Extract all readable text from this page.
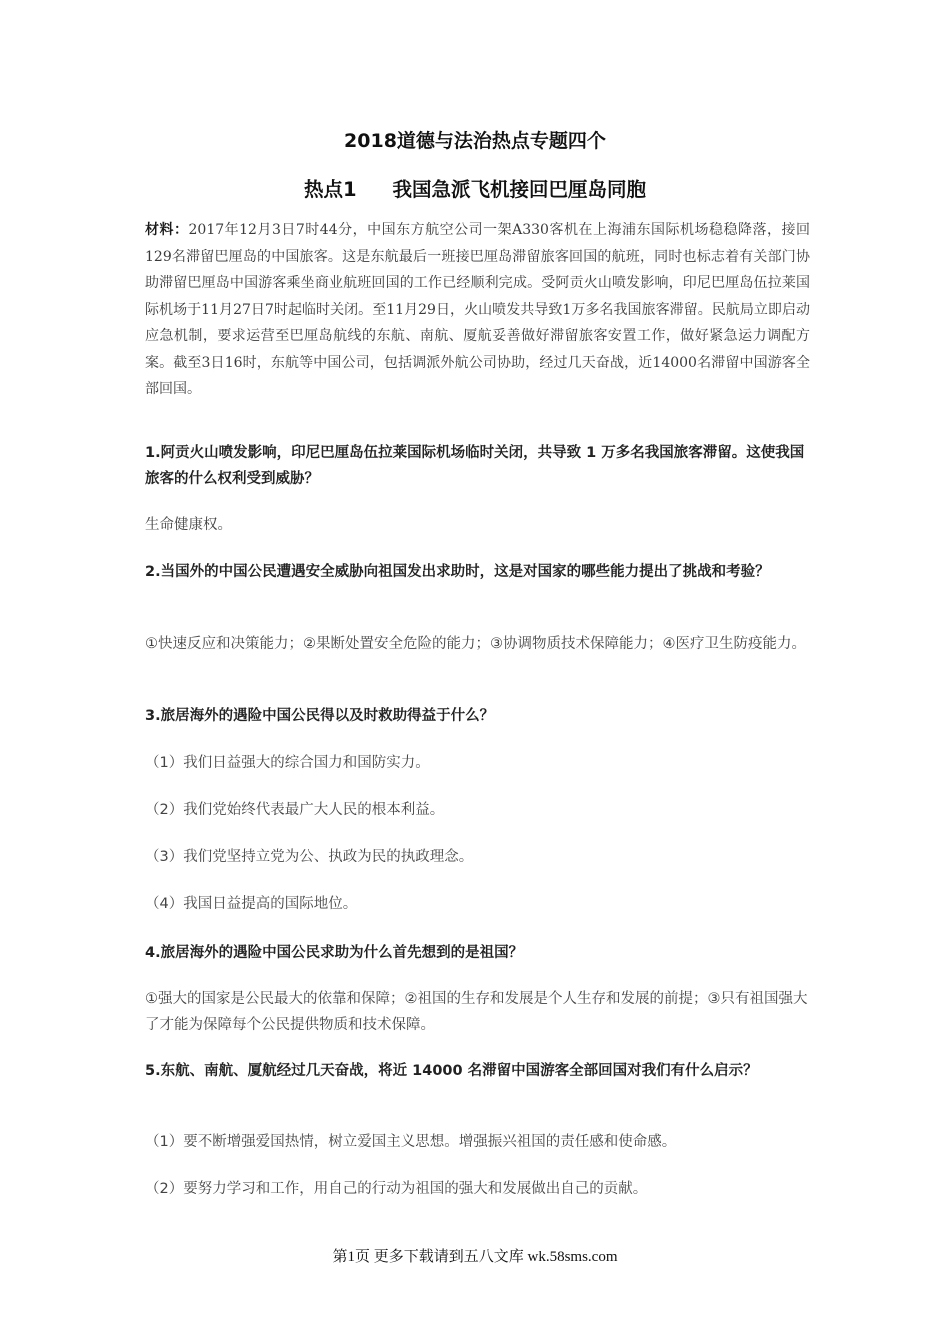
2018道德与法治热点专题四个
热点1 我国急派飞机接回巴厘岛同胞
材料：2017年12月3日7时44分，中国东方航空公司一架A330客机在上海浦东国际机场稳稳降落，接回129名滞留巴厘岛的中国旅客。这是东航最后一班接巴厘岛滞留旅客回国的航班，同时也标志着有关部门协助滞留巴厘岛中国游客乘坐商业航班回国的工作已经顺利完成。受阿贡火山喷发影响，印尼巴厘岛伍拉莱国际机场于11月27日7时起临时关闭。至11月29日，火山喷发共导致1万多名我国旅客滞留。民航局立即启动应急机制，要求运营至巴厘岛航线的东航、南航、厦航妥善做好滞留旅客安置工作，做好紧急运力调配方案。截至3日16时，东航等中国公司，包括调派外航公司协助，经过几天奋战，近14000名滞留中国游客全部回国。
1.阿贡火山喷发影响，印尼巴厘岛伍拉莱国际机场临时关闭，共导致 1 万多名我国旅客滞留。这使我国旅客的什么权利受到威胁？
生命健康权。
2.当国外的中国公民遭遇安全威胁向祖国发出求助时，这是对国家的哪些能力提出了挑战和考验？
①快速反应和决策能力；②果断处置安全危险的能力；③协调物质技术保障能力；④医疗卫生防疫能力。
3.旅居海外的遇险中国公民得以及时救助得益于什么？
（1）我们日益强大的综合国力和国防实力。
（2）我们党始终代表最广大人民的根本利益。
（3）我们党坚持立党为公、执政为民的执政理念。
（4）我国日益提高的国际地位。
4.旅居海外的遇险中国公民求助为什么首先想到的是祖国？
①强大的国家是公民最大的依靠和保障；②祖国的生存和发展是个人生存和发展的前提；③只有祖国强大了才能为保障每个公民提供物质和技术保障。
5.东航、南航、厦航经过几天奋战，将近 14000 名滞留中国游客全部回国对我们有什么启示？
（1）要不断增强爱国热情，树立爱国主义思想。增强振兴祖国的责任感和使命感。
（2）要努力学习和工作，用自己的行动为祖国的强大和发展做出自己的贡献。
第1页 更多下载请到五八文库 wk.58sms.com
